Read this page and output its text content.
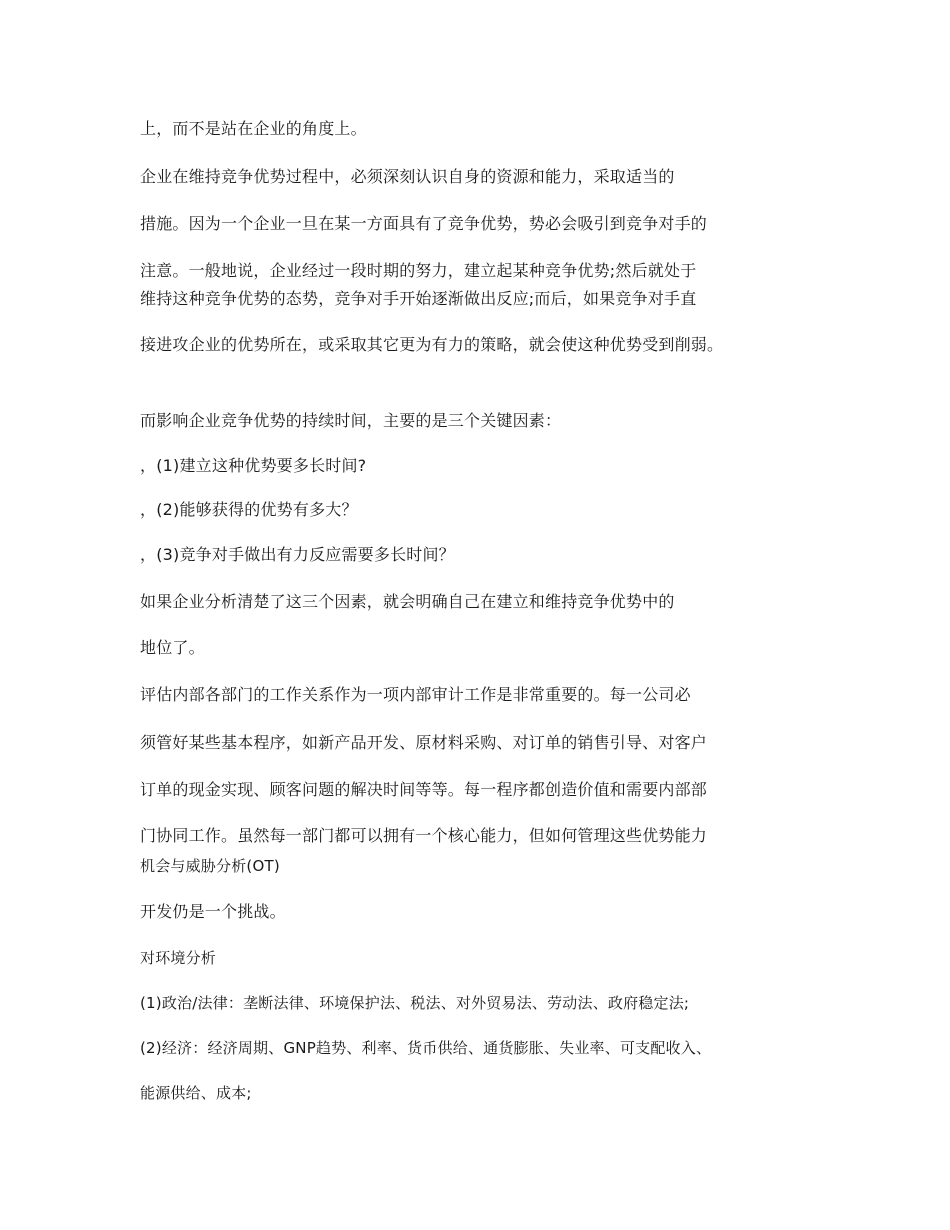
上，而不是站在企业的角度上。
企业在维持竞争优势过程中，必须深刻认识自身的资源和能力，采取适当的
措施。因为一个企业一旦在某一方面具有了竞争优势，势必会吸引到竞争对手的
注意。一般地说，企业经过一段时期的努力，建立起某种竞争优势;然后就处于
维持这种竞争优势的态势，竞争对手开始逐渐做出反应;而后，如果竞争对手直
接进攻企业的优势所在，或采取其它更为有力的策略，就会使这种优势受到削弱。
而影响企业竞争优势的持续时间，主要的是三个关键因素：
，(1)建立这种优势要多长时间?
，(2)能够获得的优势有多大？
，(3)竞争对手做出有力反应需要多长时间？
如果企业分析清楚了这三个因素，就会明确自己在建立和维持竞争优势中的
地位了。
评估内部各部门的工作关系作为一项内部审计工作是非常重要的。每一公司必
须管好某些基本程序，如新产品开发、原材料采购、对订单的销售引导、对客户
订单的现金实现、顾客问题的解决时间等等。每一程序都创造价值和需要内部部
门协同工作。虽然每一部门都可以拥有一个核心能力，但如何管理这些优势能力
机会与威胁分析(OT)
开发仍是一个挑战。
对环境分析
(1)政治/法律：垄断法律、环境保护法、税法、对外贸易法、劳动法、政府稳定法;
(2)经济：经济周期、GNP趋势、利率、货币供给、通货膨胀、失业率、可支配收入、
能源供给、成本;
